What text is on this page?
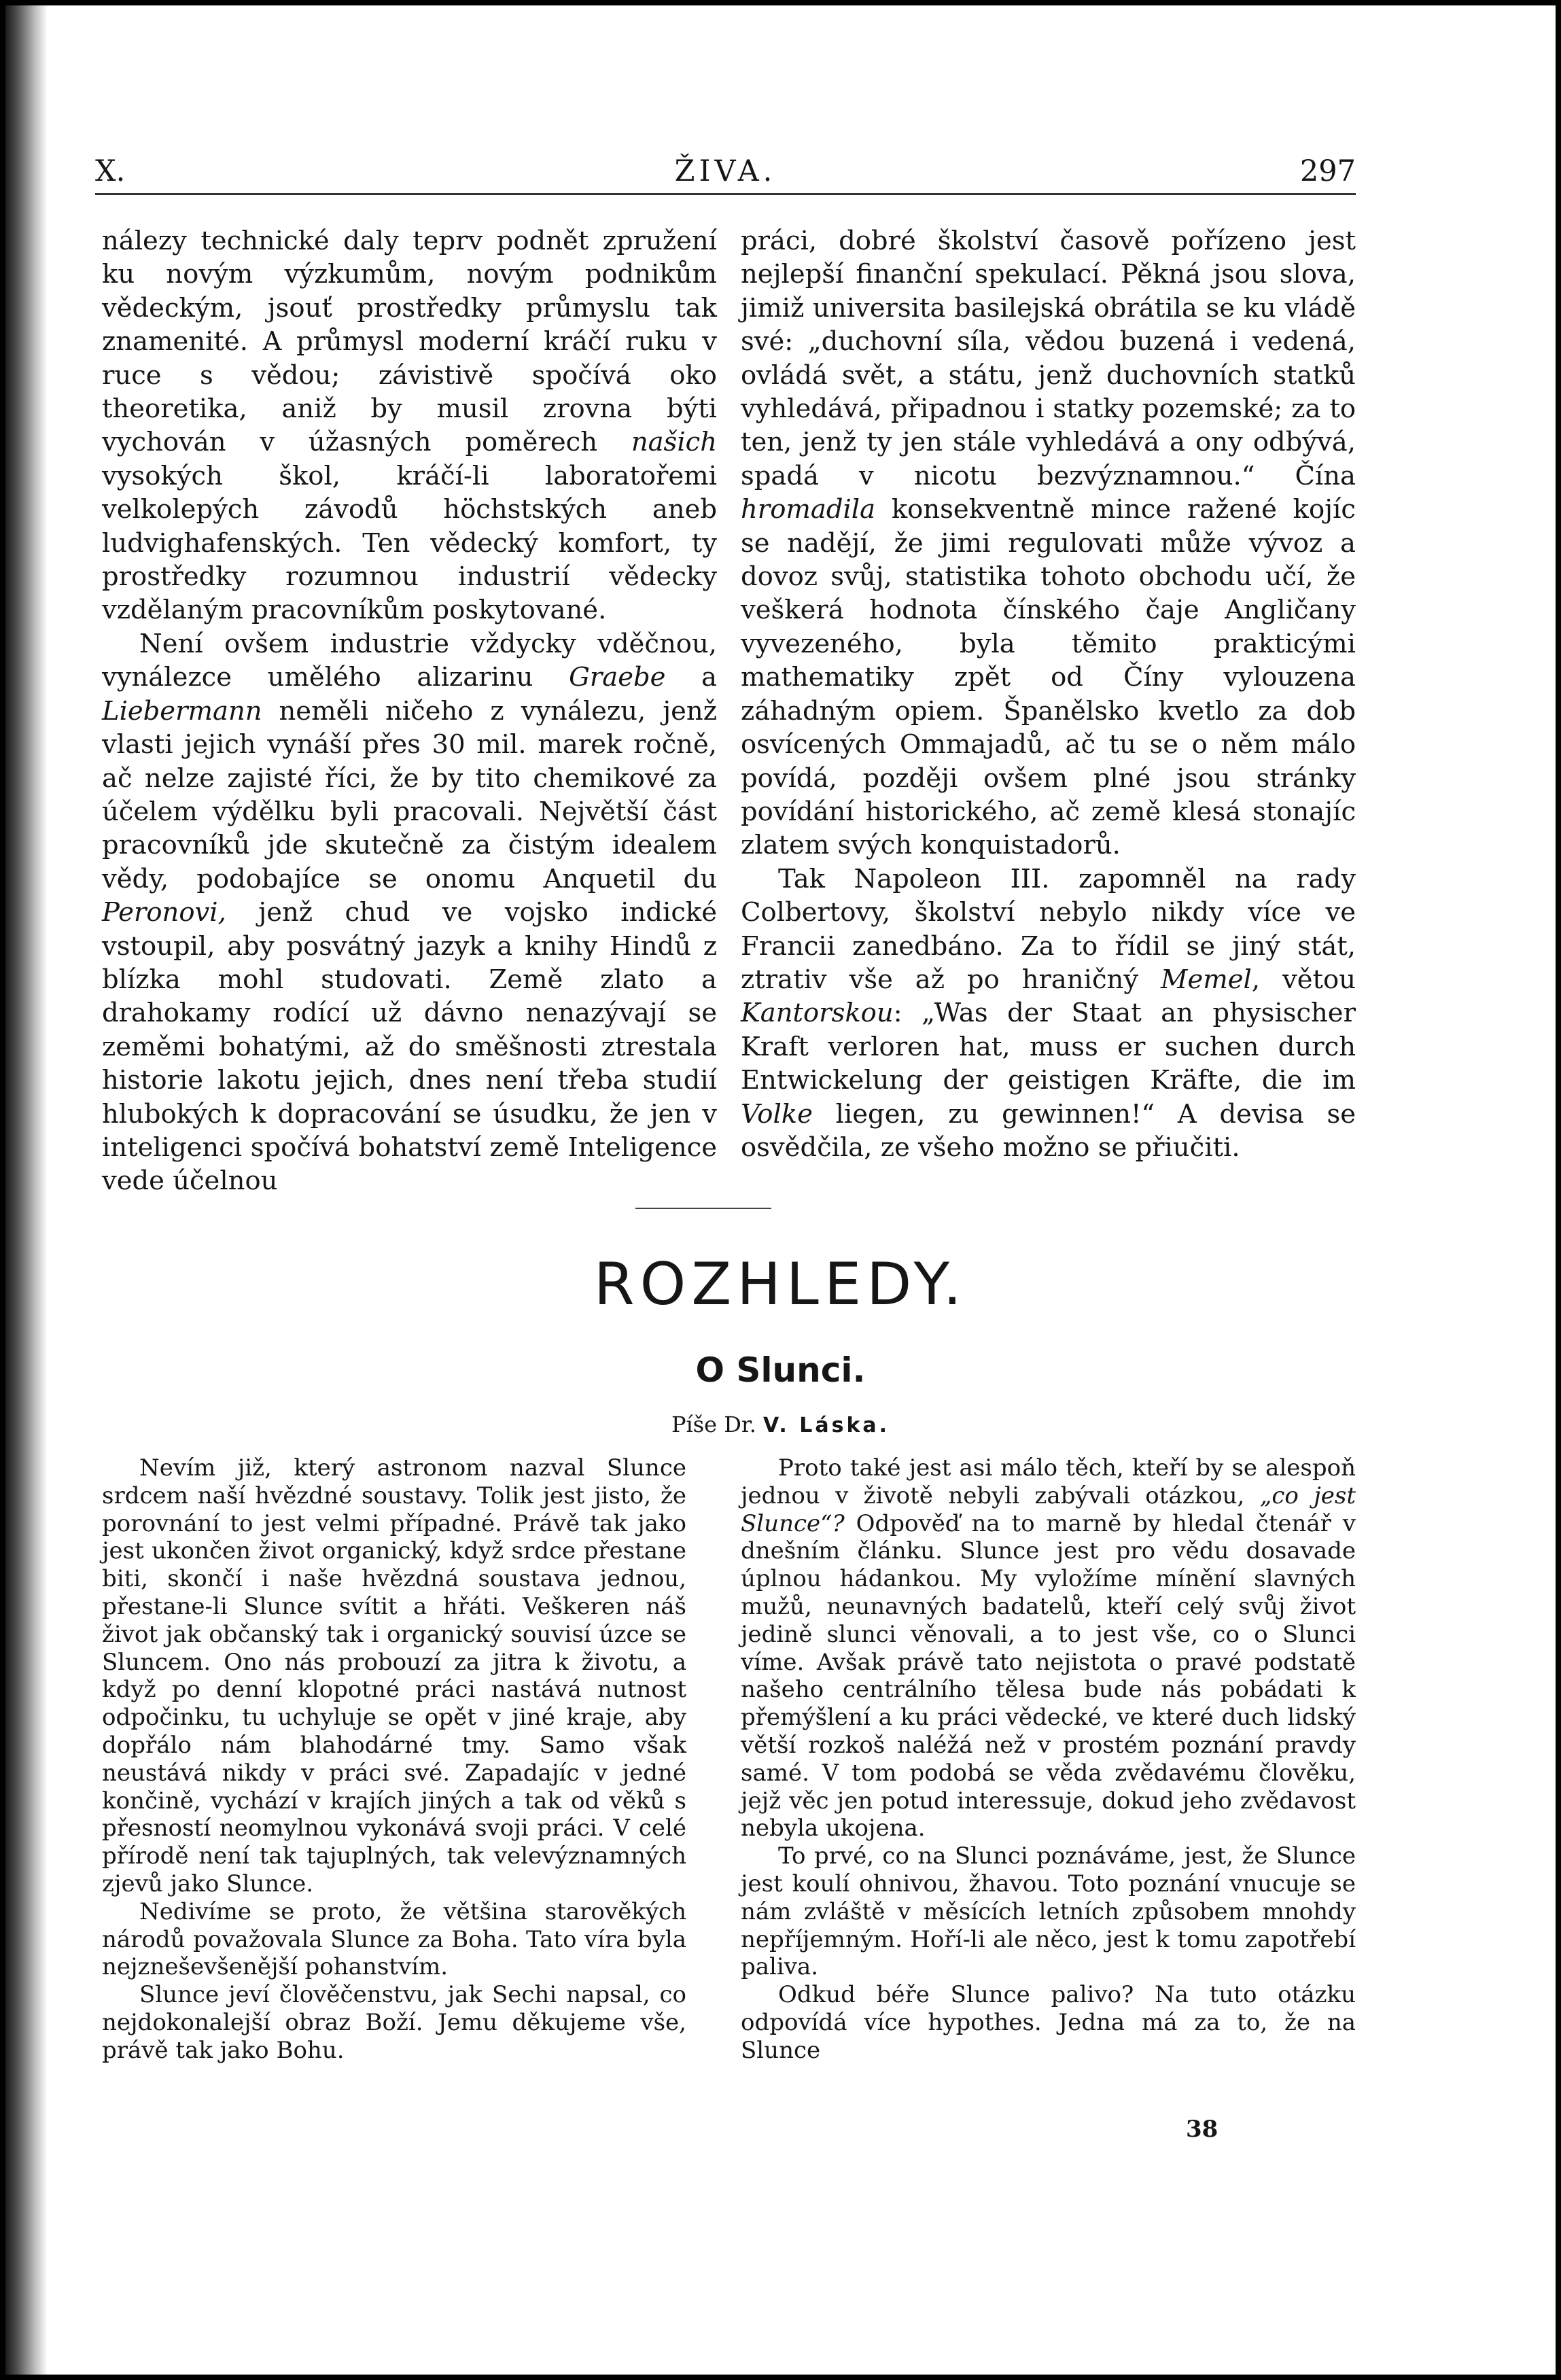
X.	ŽIVA.	297

nálezy technické daly teprv podnět zpružení ku novým výzkumům, novým podnikům vědeckým, jsouť prostředky průmyslu tak znamenité. A průmysl moderní kráčí ruku v ruce s vědou; závistivě spočívá oko theoretika, aniž by musil zrovna býti vychován v úžasných poměrech našich vysokých škol, kráčí-li laboratořemi velkolepých závodů höchstských aneb ludvighafenských. Ten vědecký komfort, ty prostředky rozumnou industrií vědecky vzdělaným pracovníkům poskytované.

Není ovšem industrie vždycky vděčnou, vynálezce umělého alizarinu Graebe a Liebermann neměli ničeho z vynálezu, jenž vlasti jejich vynáší přes 30 mil. marek ročně, ač nelze zajisté říci, že by tito chemikové za účelem výdělku byli pracovali. Největší část pracovníků jde skutečně za čistým idealem vědy, podobajíce se onomu Anquetil du Peronovi, jenž chud ve vojsko indické vstoupil, aby posvátný jazyk a knihy Hindů z blízka mohl studovati. Země zlato a drahokamy rodící už dávno nenazývají se zeměmi bohatými, až do směšnosti ztrestala historie lakotu jejich, dnes není třeba studií hlubokých k dopracování se úsudku, že jen v inteligenci spočívá bohatství země Inteligence vede účelnou

práci, dobré školství časově pořízeno jest nejlepší finanční spekulací. Pěkná jsou slova, jimiž universita basilejská obrátila se ku vládě své: „duchovní síla, vědou buzená i vedená, ovládá svět, a státu, jenž duchovních statků vyhledává, připadnou i statky pozemské; za to ten, jenž ty jen stále vyhledává a ony odbývá, spadá v nicotu bezvýznamnou.“ Čína hromadila konsekventně mince ražené kojíc se nadějí, že jimi regulovati může vývoz a dovoz svůj, statistika tohoto obchodu učí, že veškerá hodnota čínského čaje Angličany vyvezeného, byla těmito prakticými mathematiky zpět od Číny vylouzena záhadným opiem. Španělsko kvetlo za dob osvícených Ommajadů, ač tu se o něm málo povídá, později ovšem plné jsou stránky povídání historického, ač země klesá stonajíc zlatem svých konquistadorů.

Tak Napoleon III. zapomněl na rady Colbertovy, školství nebylo nikdy více ve Francii zanedbáno. Za to řídil se jiný stát, ztrativ vše až po hraničný Memel, větou Kantorskou: „Was der Staat an physischer Kraft verloren hat, muss er suchen durch Entwickelung der geistigen Kräfte, die im Volke liegen, zu gewinnen!“ A devisa se osvědčila, ze všeho možno se přiučiti.

ROZHLEDY.
O Slunci.
Píše Dr. V. Láska.

Nevím již, který astronom nazval Slunce srdcem naší hvězdné soustavy. Tolik jest jisto, že porovnání to jest velmi případné. Právě tak jako jest ukončen život organický, když srdce přestane biti, skončí i naše hvězdná soustava jednou, přestane-li Slunce svítit a hřáti. Veškeren náš život jak občanský tak i organický souvisí úzce se Sluncem. Ono nás probouzí za jitra k životu, a když po denní klopotné práci nastává nutnost odpočinku, tu uchyluje se opět v jiné kraje, aby dopřálo nám blahodárné tmy. Samo však neustává nikdy v práci své. Zapadajíc v jedné končině, vychází v krajích jiných a tak od věků s přesností neomylnou vykonává svoji práci. V celé přírodě není tak tajuplných, tak velevýznamných zjevů jako Slunce.

Nedivíme se proto, že většina starověkých národů považovala Slunce za Boha. Tato víra byla nejzneševšenější pohanstvím.

Slunce jeví člověčenstvu, jak Sechi napsal, co nejdokonalejší obraz Boží. Jemu děkujeme vše, právě tak jako Bohu.

Proto také jest asi málo těch, kteří by se alespoň jednou v životě nebyli zabývali otázkou, „co jest Slunce“? Odpověď na to marně by hledal čtenář v dnešním článku. Slunce jest pro vědu dosavade úplnou hádankou. My vyložíme mínění slavných mužů, neunavných badatelů, kteří celý svůj život jedině slunci věnovali, a to jest vše, co o Slunci víme. Avšak právě tato nejistota o pravé podstatě našeho centrálního tělesa bude nás pobádati k přemýšlení a ku práci vědecké, ve které duch lidský větší rozkoš naléžá než v prostém poznání pravdy samé. V tom podobá se věda zvědavému člověku, jejž věc jen potud interessuje, dokud jeho zvědavost nebyla ukojena.

To prvé, co na Slunci poznáváme, jest, že Slunce jest koulí ohnivou, žhavou. Toto poznání vnucuje se nám zvláště v měsících letních způsobem mnohdy nepříjemným. Hoří-li ale něco, jest k tomu zapotřebí paliva.

Odkud béře Slunce palivo? Na tuto otázku odpovídá více hypothes. Jedna má za to, že na Slunce

38
